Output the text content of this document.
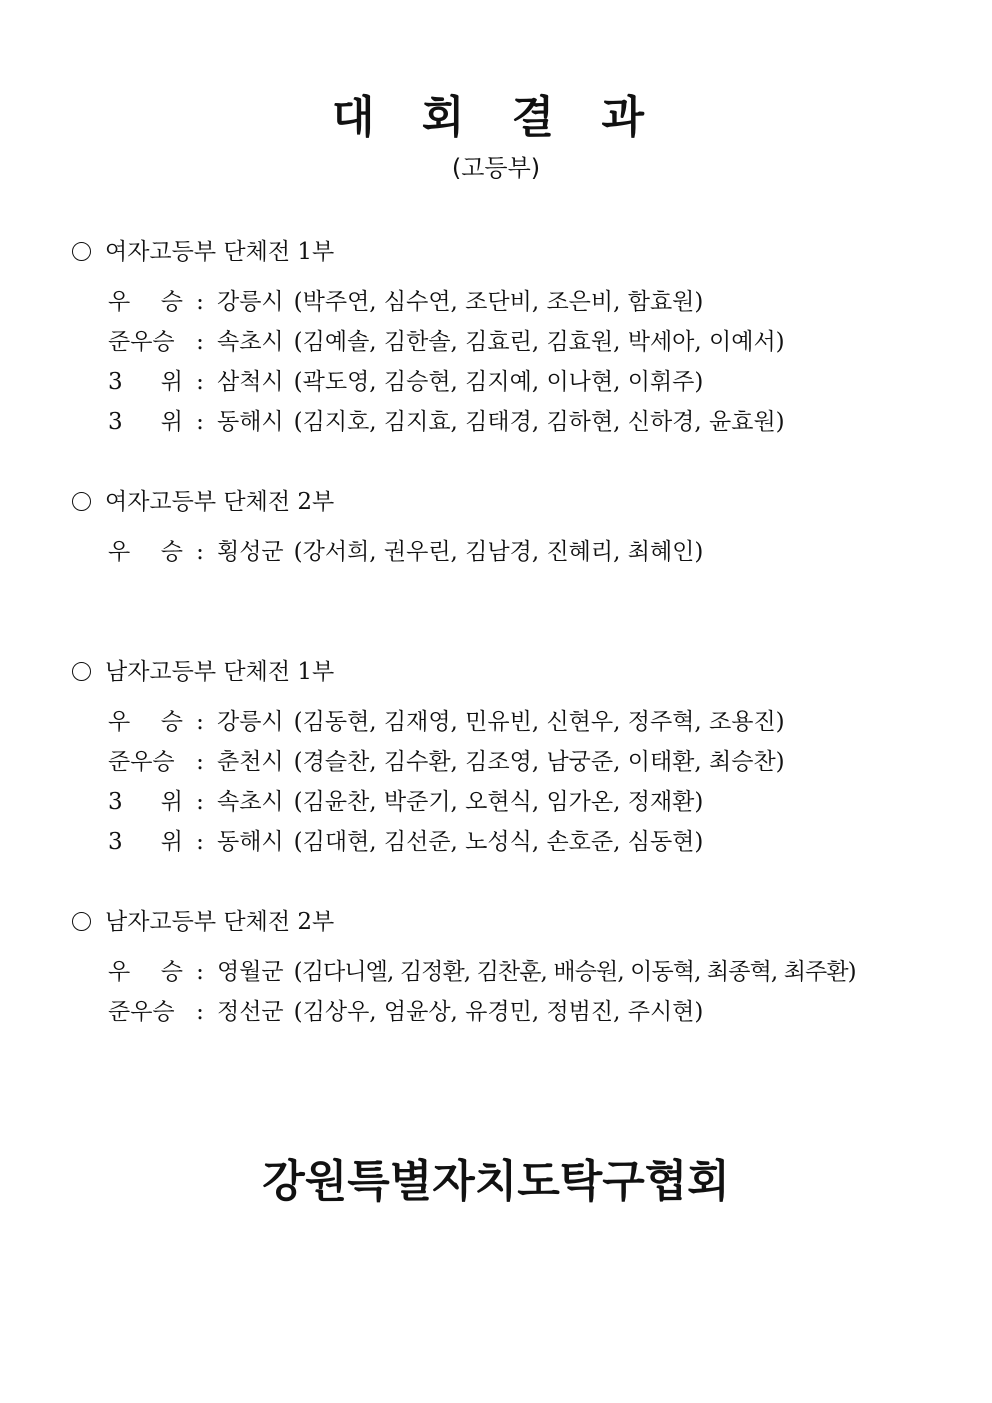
대 회 결 과
(고등부)
여자고등부 단체전 1부
우 승 : 강릉시 (박주연, 심수연, 조단비, 조은비, 함효원)
준우승 : 속초시 (김예솔, 김한솔, 김효린, 김효원, 박세아, 이예서)
3 위 : 삼척시 (곽도영, 김승현, 김지예, 이나현, 이휘주)
3 위 : 동해시 (김지호, 김지효, 김태경, 김하현, 신하경, 윤효원)
여자고등부 단체전 2부
우 승 : 횡성군 (강서희, 권우린, 김남경, 진혜리, 최혜인)
남자고등부 단체전 1부
우 승 : 강릉시 (김동현, 김재영, 민유빈, 신현우, 정주혁, 조용진)
준우승 : 춘천시 (경슬찬, 김수환, 김조영, 남궁준, 이태환, 최승찬)
3 위 : 속초시 (김윤찬, 박준기, 오현식, 임가온, 정재환)
3 위 : 동해시 (김대현, 김선준, 노성식, 손호준, 심동현)
남자고등부 단체전 2부
우 승 : 영월군 (김다니엘, 김정환, 김찬훈, 배승원, 이동혁, 최종혁, 최주환)
준우승 : 정선군 (김상우, 엄윤상, 유경민, 정범진, 주시현)
강원특별자치도탁구협회
